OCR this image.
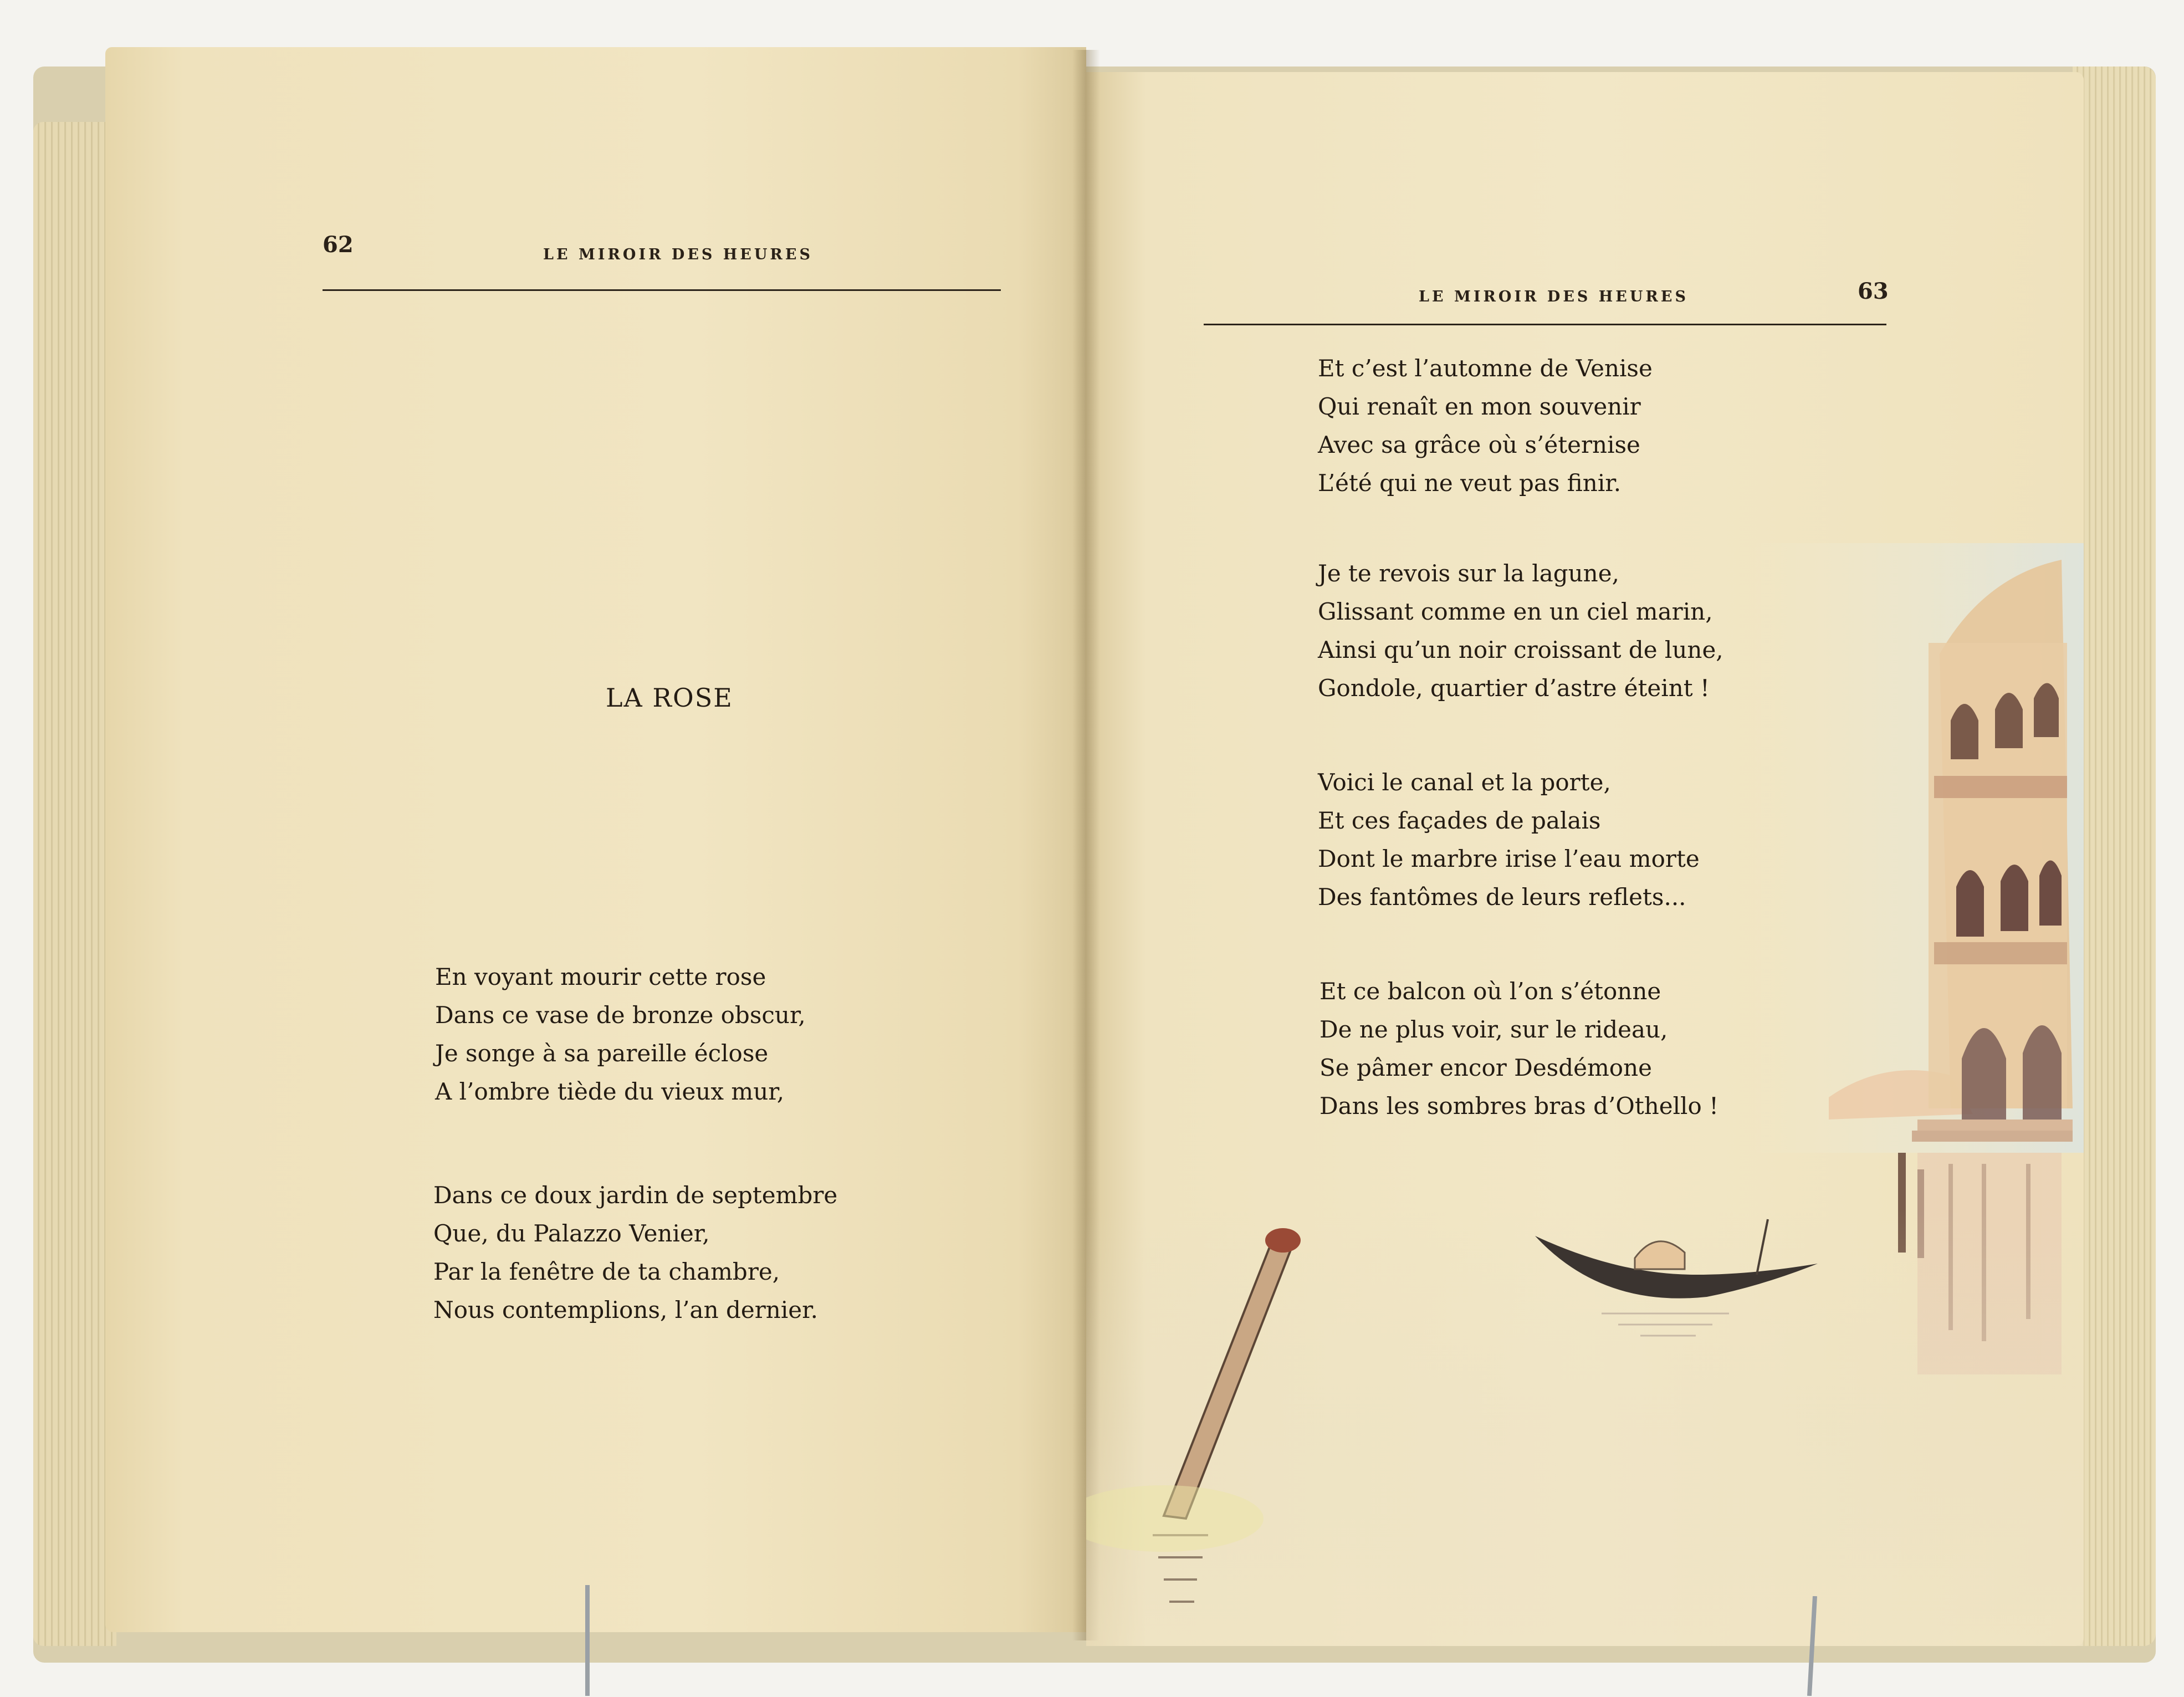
62	LE MIROIR DES HEURES
LA ROSE
En voyant mourir cette rose
Dans ce vase de bronze obscur,
Je songe à sa pareille éclose
A l’ombre tiède du vieux mur,
Dans ce doux jardin de septembre
Que, du Palazzo Venier,
Par la fenêtre de ta chambre,
Nous contemplions, l’an dernier.
LE MIROIR DES HEURES	63
Et c’est l’automne de Venise
Qui renaît en mon souvenir
Avec sa grâce où s’éternise
L’été qui ne veut pas finir.
Je te revois sur la lagune,
Glissant comme en un ciel marin,
Ainsi qu’un noir croissant de lune,
Gondole, quartier d’astre éteint !
Voici le canal et la porte,
Et ces façades de palais
Dont le marbre irise l’eau morte
Des fantômes de leurs reflets...
Et ce balcon où l’on s’étonne
De ne plus voir, sur le rideau,
Se pâmer encor Desdémone
Dans les sombres bras d’Othello !
